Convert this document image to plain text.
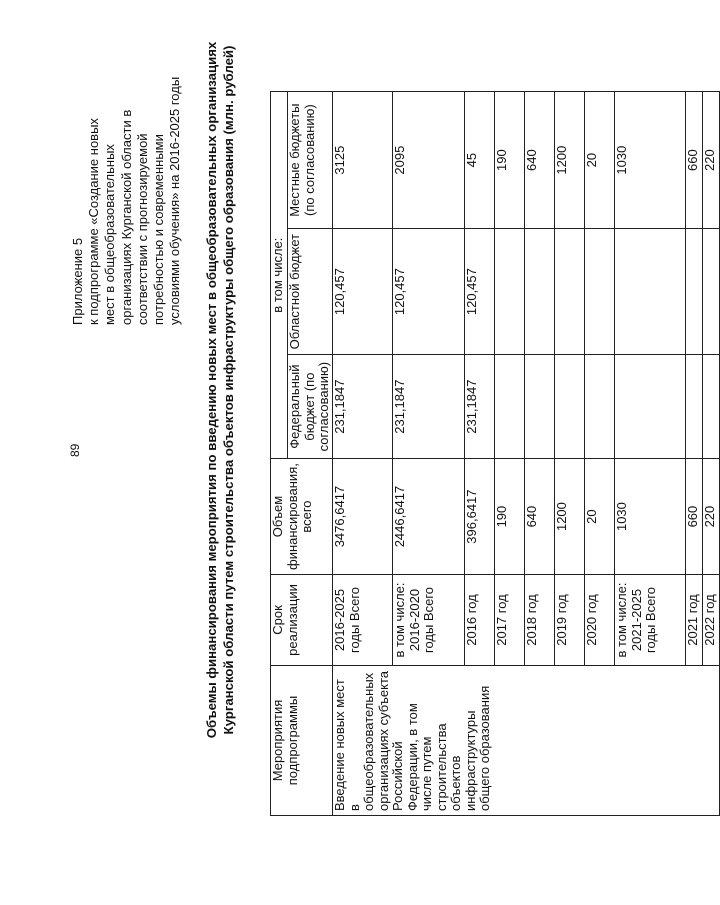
89
Приложение 5 к подпрограмме «Создание новых мест в общеобразовательных организациях Курганской области в соответствии с прогнозируемой потребностью и современными условиями обучения» на 2016-2025 годы Объемы финансирования мероприятия по введению новых мест в общеобразовательных организациях Курганской области путем строительства объектов инфраструктуры общего образования (млн. рублей)
Мероприятия подпрограммы	Срок реализации	Объем финансирования, всего	в том числе:		
			Федеральный бюджет (по согласованию)	Областной бюджет	Местные бюджеты (по согласованию)
Введение новых мест в общеобразовательных организациях субъекта Российской Федерации, в том числе путем строительства объектов инфраструктуры общего образования	2016-2025 годы Всего	3476,6417	231,1847	120,457	3125
	в том числе: 2016-2020 годы Всего	2446,6417	231,1847	120,457	2095
	2016 год	396,6417	231,1847	120,457	45
	2017 год	190			190
	2018 год	640			640
	2019 год	1200			1200
	2020 год	20			20
	в том числе: 2021-2025 годы Всего	1030			1030
	2021 год	660			660
	2022 год	220			220
